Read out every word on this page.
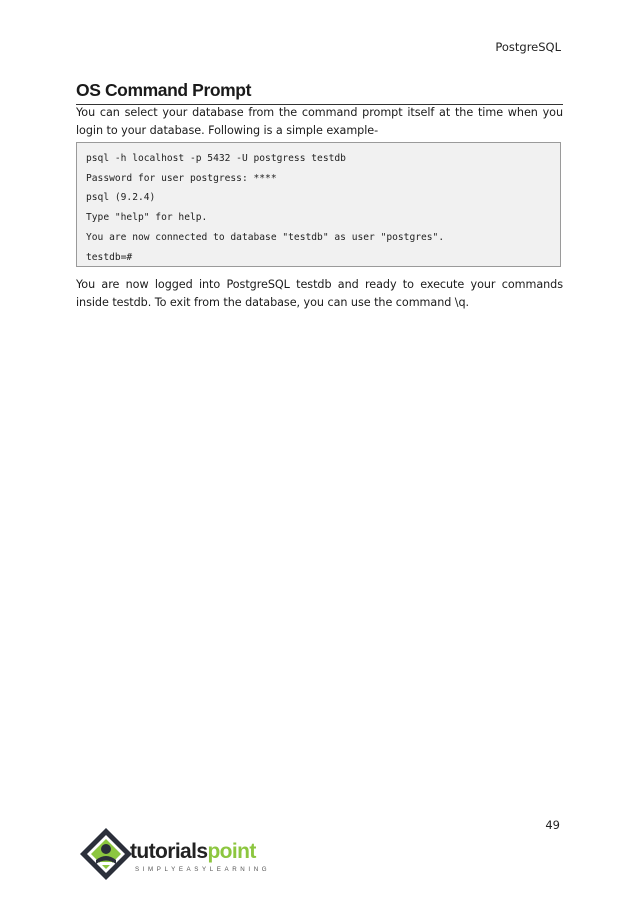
PostgreSQL
OS Command Prompt
You can select your database from the command prompt itself at the time when you login to your database. Following is a simple example-
psql -h localhost -p 5432 -U postgress testdb
Password for user postgress: ****
psql (9.2.4)
Type "help" for help.
You are now connected to database "testdb" as user "postgres".
testdb=#
You are now logged into PostgreSQL testdb and ready to execute your commands inside testdb. To exit from the database, you can use the command \q.
49
tutorialspoint
SIMPLYEASYLEARNING
